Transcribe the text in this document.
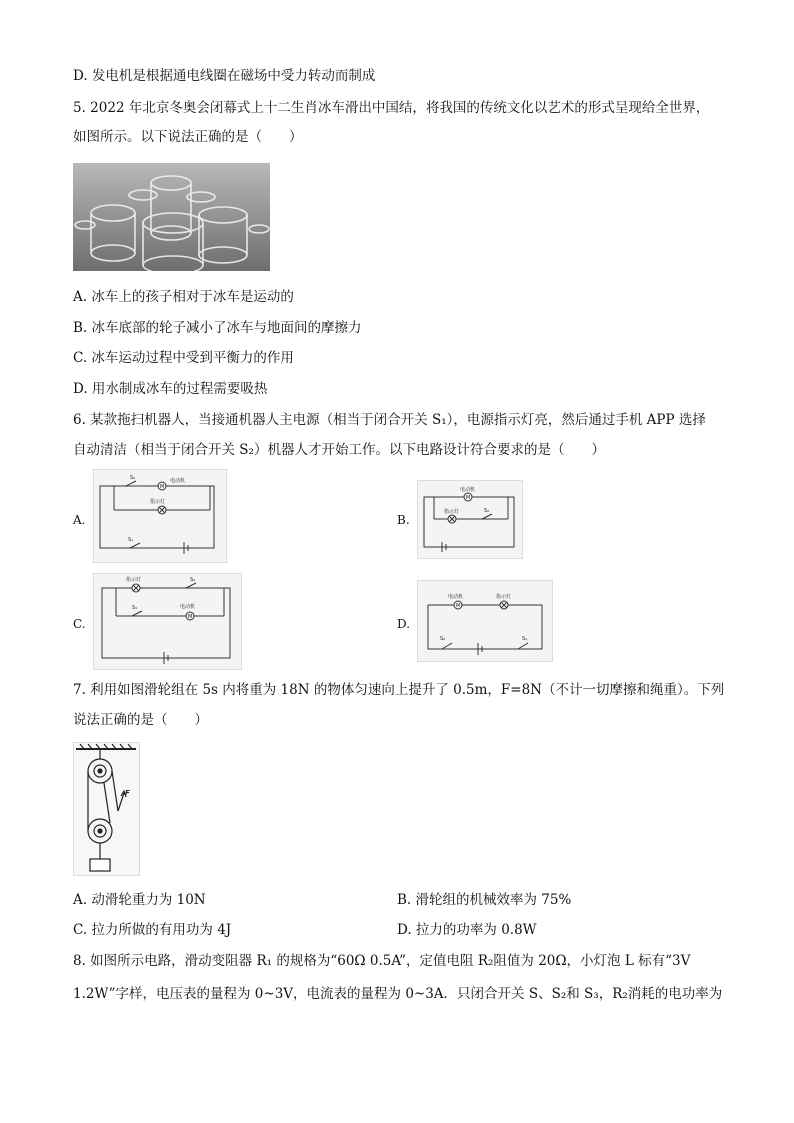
D. 发电机是根据通电线圈在磁场中受力转动而制成
5. 2022 年北京冬奥会闭幕式上十二生肖冰车滑出中国结，将我国的传统文化以艺术的形式呈现给全世界，
如图所示。以下说法正确的是（　　）
A. 冰车上的孩子相对于冰车是运动的
B. 冰车底部的轮子减小了冰车与地面间的摩擦力
C. 冰车运动过程中受到平衡力的作用
D. 用水制成冰车的过程需要吸热
6. 某款拖扫机器人，当接通机器人主电源（相当于闭合开关 S₁），电源指示灯亮，然后通过手机 APP 选择
自动清洁（相当于闭合开关 S₂）机器人才开始工作。以下电路设计符合要求的是（　　）
A.
S₂	电动机
M
指示灯
S₁
B.
电动机
M
指示灯	S₂
C.
指示灯	S₂
S₁	电动机
M	D.
电动机
M
指示灯
S₂	S₁
7. 利用如图滑轮组在 5s 内将重为 18N 的物体匀速向上提升了 0.5m，F=8N（不计一切摩擦和绳重）。下列
说法正确的是（　　）
F
A. 动滑轮重力为 10N	B. 滑轮组的机械效率为 75%
C. 拉力所做的有用功为 4J	D. 拉力的功率为 0.8W
8. 如图所示电路，滑动变阻器 R₁ 的规格为“60Ω 0.5A”，定值电阻 R₂阻值为 20Ω，小灯泡 L 标有“3V
1.2W”字样，电压表的量程为 0~3V，电流表的量程为 0~3A．只闭合开关 S、S₂和 S₃，R₂消耗的电功率为
